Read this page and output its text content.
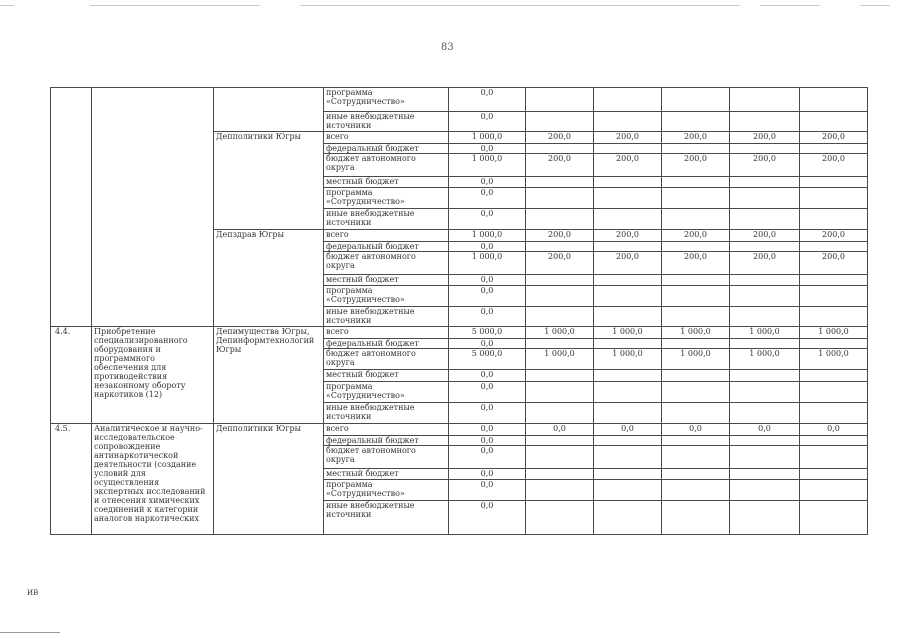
83
			программа «Сотрудничество»	0,0					
			иные внебюджетные источники	0,0					
		Депполитики Югры	всего	1 000,0	200,0	200,0	200,0	200,0	200,0
			федеральный бюджет	0,0					
			бюджет автономного округа	1 000,0	200,0	200,0	200,0	200,0	200,0
			местный бюджет	0,0					
			программа «Сотрудничество»	0,0					
			иные внебюджетные источники	0,0					
		Депздрав Югры	всего	1 000,0	200,0	200,0	200,0	200,0	200,0
			федеральный бюджет	0,0					
			бюджет автономного округа	1 000,0	200,0	200,0	200,0	200,0	200,0
			местный бюджет	0,0					
			программа «Сотрудничество»	0,0					
			иные внебюджетные источники	0,0					
4.4.	Приобретение специализированного оборудования и программного обеспечения для противодействия незаконному обороту наркотиков (12)	Депимущества Югры, Депинформтехнологий Югры	всего	5 000,0	1 000,0	1 000,0	1 000,0	1 000,0	1 000,0
			федеральный бюджет	0,0					
			бюджет автономного округа	5 000,0	1 000,0	1 000,0	1 000,0	1 000,0	1 000,0
			местный бюджет	0,0					
			программа «Сотрудничество»	0,0					
			иные внебюджетные источники	0,0					
4.5.	Аналитическое и научно-исследовательское сопровождение антинаркотической деятельности (создание условий для осуществления экспертных исследований и отнесения химических соединений к категории аналогов наркотических	Депполитики Югры	всего	0,0	0,0	0,0	0,0	0,0	0,0
			федеральный бюджет	0,0					
			бюджет автономного округа	0,0					
			местный бюджет	0,0					
			программа «Сотрудничество»	0,0					
			иные внебюджетные источники	0,0					
ИВ
